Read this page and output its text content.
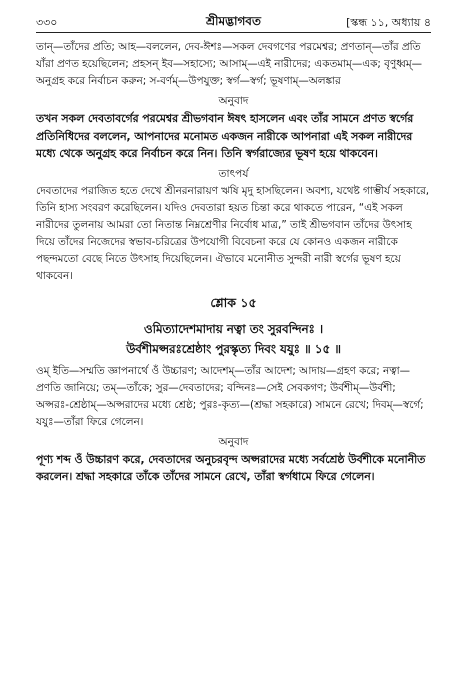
৩৩০	শ্রীমদ্ভাগবত	[স্কন্ধ ১১, অধ্যায় ৪

তান্—তাঁদের প্রতি; আহ—বললেন, দেব-ঈশঃ—সকল দেবগণের পরমেশ্বর; প্রণতান্—তাঁর প্রতি যাঁরা প্রণত হয়েছিলেন; প্রহসন্ ইব—সহাস্যে; আসাম্—এই নারীদের; একতমাম্—এক; বৃণুধ্বম্—অনুগ্রহ করে নির্বাচন করুন; স-বর্ণম্—উপযুক্ত; স্বর্গ—স্বর্গ; ভূষণাম্—অলঙ্কার

অনুবাদ

তখন সকল দেবতাবর্গের পরমেশ্বর শ্রীভগবান ঈষৎ হাসলেন এবং তাঁর সামনে প্রণত স্বর্গের প্রতিনিধিদের বললেন, আপনাদের মনোমত একজন নারীকে আপনারা এই সকল নারীদের মধ্যে থেকে অনুগ্রহ করে নির্বাচন করে নিন। তিনি স্বর্গরাজ্যের ভূষণ হয়ে থাকবেন।

তাৎপর্য

দেবতাদের পরাজিত হতে দেখে শ্রীনরনারায়ণ ঋষি মৃদু হাসছিলেন। অবশ্য, যথেষ্ট গাম্ভীর্য সহকারে, তিনি হাস্য সংবরণ করেছিলেন। যদিও দেবতারা হয়ত চিন্তা করে থাকতে পারেন, “এই সকল নারীদের তুলনায় আমরা তো নিতান্ত নিম্নশ্রেণীর নির্বোধ মাত্র,” তাই শ্রীভগবান তাঁদের উৎসাহ দিয়ে তাঁদের নিজেদের স্বভাব-চরিত্রের উপযোগী বিবেচনা করে যে কোনও একজন নারীকে পছন্দমতো বেছে নিতে উৎসাহ দিয়েছিলেন। ঐভাবে মনোনীত সুন্দরী নারী স্বর্গের ভূষণ হয়ে থাকবেন।

শ্লোক ১৫
ওমিত্যাদেশমাদায় নত্বা তং সুরবন্দিনঃ ।
উর্বশীমপ্সরঃশ্রেষ্ঠাং পুরস্কৃত্য দিবং যযুঃ ॥ ১৫ ॥

ওম্ ইতি—সম্মতি জ্ঞাপনার্থে ওঁ উচ্চারণ; আদেশম্—তাঁর আদেশ; আদায়—গ্রহণ করে; নত্বা—প্রণতি জানিয়ে; তম্—তাঁকে; সুর—দেবতাদের; বন্দিনঃ—সেই সেবকগণ; উর্বশীম্—উর্বশী; অপ্সরঃ-শ্রেষ্ঠাম্—অপ্সরাদের মধ্যে শ্রেষ্ঠ; পুরঃ-কৃত্য—(শ্রদ্ধা সহকারে) সামনে রেখে; দিবম্—স্বর্গে; যযুঃ—তাঁরা ফিরে গেলেন।

অনুবাদ

পূণ্য শব্দ ওঁ উচ্চারণ করে, দেবতাদের অনুচরবৃন্দ অপ্সরাদের মধ্যে সর্বশ্রেষ্ঠ উর্বশীকে মনোনীত করলেন। শ্রদ্ধা সহকারে তাঁকে তাঁদের সামনে রেখে, তাঁরা স্বর্গধামে ফিরে গেলেন।
